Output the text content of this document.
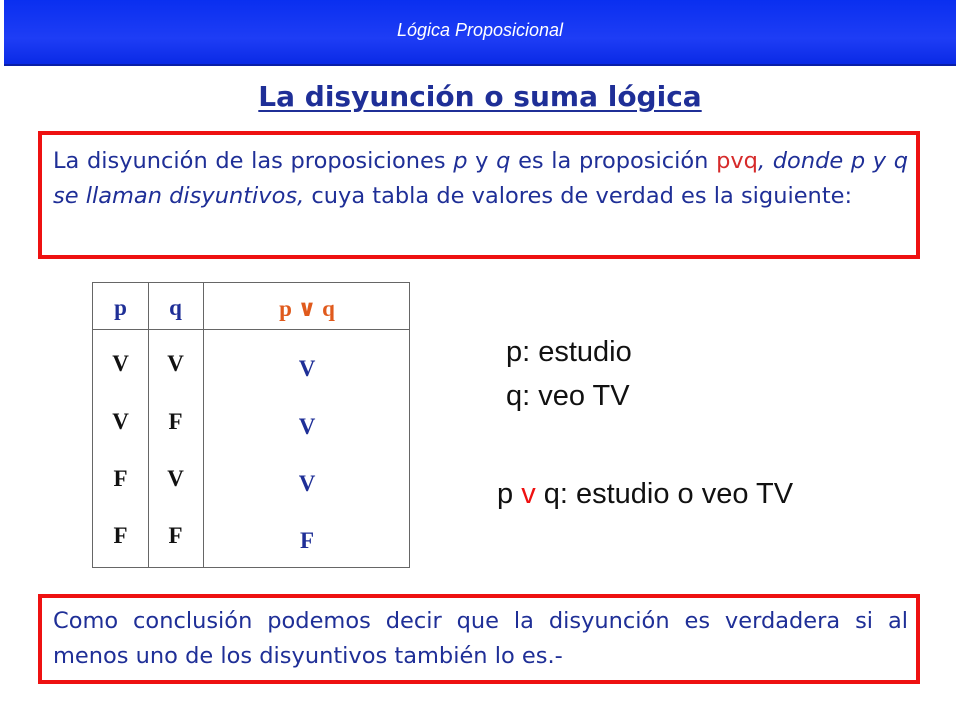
Lógica Proposicional
La disyunción o suma lógica
La disyunción de las proposiciones p y q es la proposición pvq, donde p y q se llaman disyuntivos, cuya tabla de valores de verdad es la siguiente:
p	q	p ∨ q
V	V	V
V	F	V
F	V	V
F	F	F
p: estudio
q: veo TV
p v q: estudio o veo TV
Como conclusión podemos decir que la disyunción es verdadera si al menos uno de los disyuntivos también lo es.-
